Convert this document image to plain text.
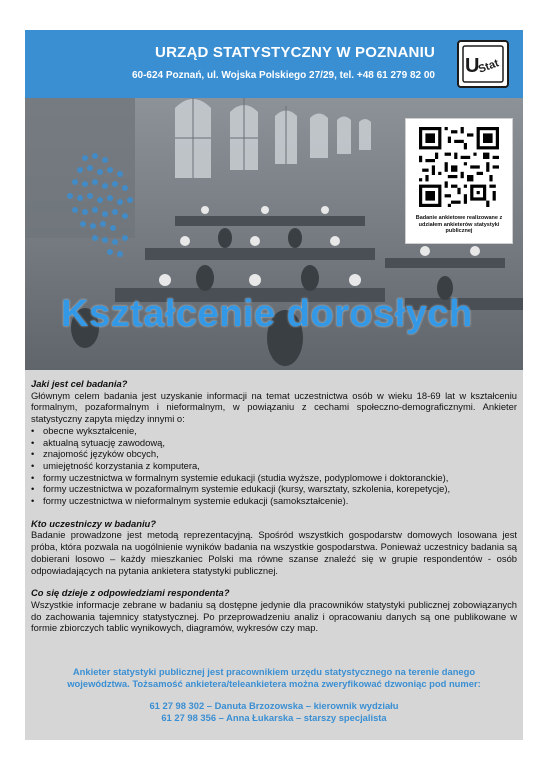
URZĄD STATYSTYCZNY W POZNANIU
60-624 Poznań, ul. Wojska Polskiego 27/29, tel. +48 61 279 82 00 U
Stat
Badanie ankietowe realizowane z udziałem ankieterów statystyki publicznej
Kształcenie dorosłych

Jaki jest cel badania?

Głównym celem badania jest uzyskanie informacji na temat uczestnictwa osób w wieku 18-69 lat w kształceniu formalnym, pozaformalnym i nieformalnym, w powiązaniu z cechami społeczno-demograficznymi. Ankieter statystyczny zapyta między innymi o:

• obecne wykształcenie,
• aktualną sytuację zawodową,
• znajomość języków obcych,
• umiejętność korzystania z komputera,
• formy uczestnictwa w formalnym systemie edukacji (studia wyższe, podyplomowe i doktoranckie),
• formy uczestnictwa w pozaformalnym systemie edukacji (kursy, warsztaty, szkolenia, korepetycje),
• formy uczestnictwa w nieformalnym systemie edukacji (samokształcenie).

Kto uczestniczy w badaniu?

Badanie prowadzone jest metodą reprezentacyjną. Spośród wszystkich gospodarstw domowych losowana jest próba, która pozwala na uogólnienie wyników badania na wszystkie gospodarstwa. Ponieważ uczestnicy badania są dobierani losowo – każdy mieszkaniec Polski ma równe szanse znaleźć się w grupie respondentów - osób odpowiadających na pytania ankietera statystyki publicznej.

Co się dzieje z odpowiedziami respondenta?

Wszystkie informacje zebrane w badaniu są dostępne jedynie dla pracowników statystyki publicznej zobowiązanych do zachowania tajemnicy statystycznej. Po przeprowadzeniu analiz i opracowaniu danych są one publikowane w formie zbiorczych tablic wynikowych, diagramów, wykresów czy map.

Ankieter statystyki publicznej jest pracownikiem urzędu statystycznego na terenie danego
województwa. Tożsamość ankietera/teleankietera można zweryfikować dzwoniąc pod numer:
61 27 98 302 – Danuta Brzozowska – kierownik wydziału
61 27 98 356 – Anna Łukarska – starszy specjalista
